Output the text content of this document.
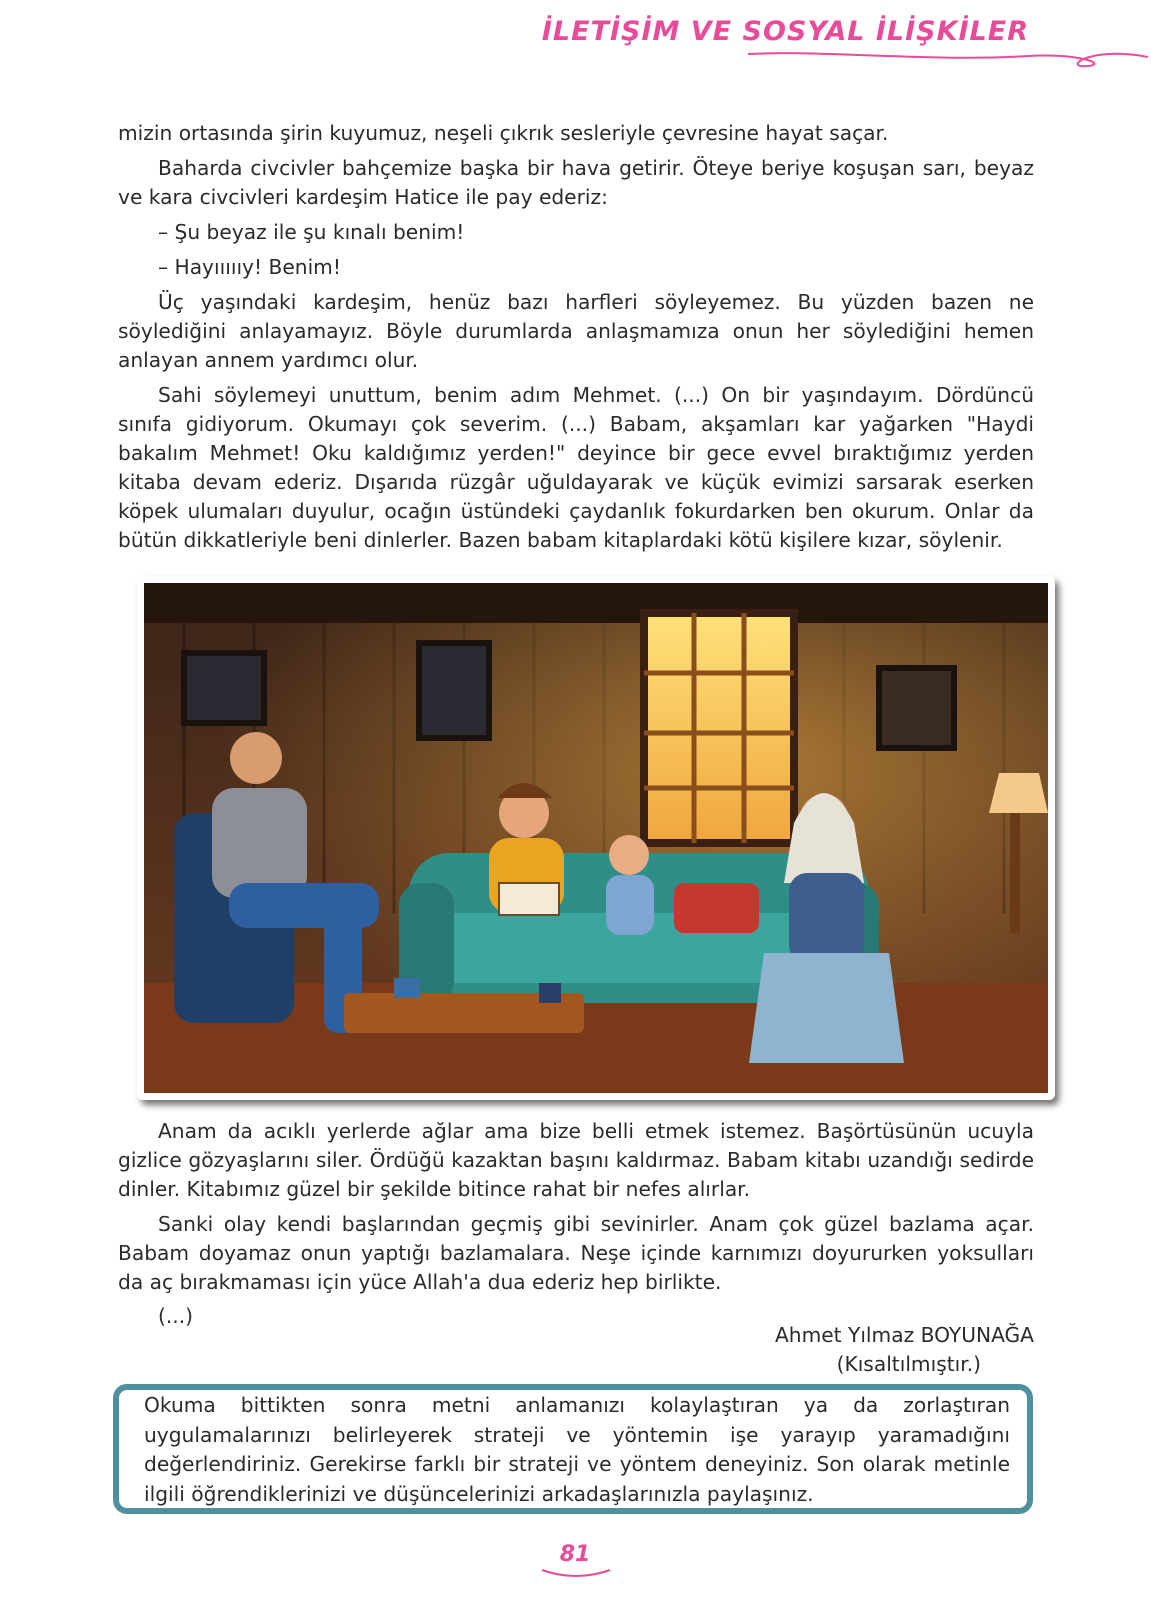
İLETİŞİM VE SOSYAL İLİŞKİLER

mizin ortasında şirin kuyumuz, neşeli çıkrık sesleriyle çevresine hayat saçar.

Baharda civcivler bahçemize başka bir hava getirir. Öteye beriye koşuşan sarı, beyaz ve kara civcivleri kardeşim Hatice ile pay ederiz:

– Şu beyaz ile şu kınalı benim!

– Hayıııııy! Benim!

Üç yaşındaki kardeşim, henüz bazı harfleri söyleyemez. Bu yüzden bazen ne söylediğini anlayamayız. Böyle durumlarda anlaşmamıza onun her söylediğini hemen anlayan annem yardımcı olur.

Sahi söylemeyi unuttum, benim adım Mehmet. (...) On bir yaşındayım. Dördüncü sınıfa gidiyorum. Okumayı çok severim. (...) Babam, akşamları kar yağarken "Haydi bakalım Mehmet! Oku kaldığımız yerden!" deyince bir gece evvel bıraktığımız yerden kitaba devam ederiz. Dışarıda rüzgâr uğuldayarak ve küçük evimizi sarsarak eserken köpek ulumaları duyulur, ocağın üstündeki çaydanlık fokurdarken ben okurum. Onlar da bütün dikkatleriyle beni dinlerler. Bazen babam kitaplardaki kötü kişilere kızar, söylenir.

Anam da acıklı yerlerde ağlar ama bize belli etmek istemez. Başörtüsünün ucuyla gizlice gözyaşlarını siler. Ördüğü kazaktan başını kaldırmaz. Babam kitabı uzandığı sedirde dinler. Kitabımız güzel bir şekilde bitince rahat bir nefes alırlar.

Sanki olay kendi başlarından geçmiş gibi sevinirler. Anam çok güzel bazlama açar. Babam doyamaz onun yaptığı bazlamalara. Neşe içinde karnımızı doyururken yoksulları da aç bırakmaması için yüce Allah'a dua ederiz hep birlikte.

(...)
Ahmet Yılmaz BOYUNAĞA
(Kısaltılmıştır.)
Okuma bittikten sonra metni anlamanızı kolaylaştıran ya da zorlaştıran uygulamalarınızı belirleyerek strateji ve yöntemin işe yarayıp yaramadığını değerlendiriniz. Gerekirse farklı bir strateji ve yöntem deneyiniz. Son olarak metinle ilgili öğrendiklerinizi ve düşüncelerinizi arkadaşlarınızla paylaşınız.
81
